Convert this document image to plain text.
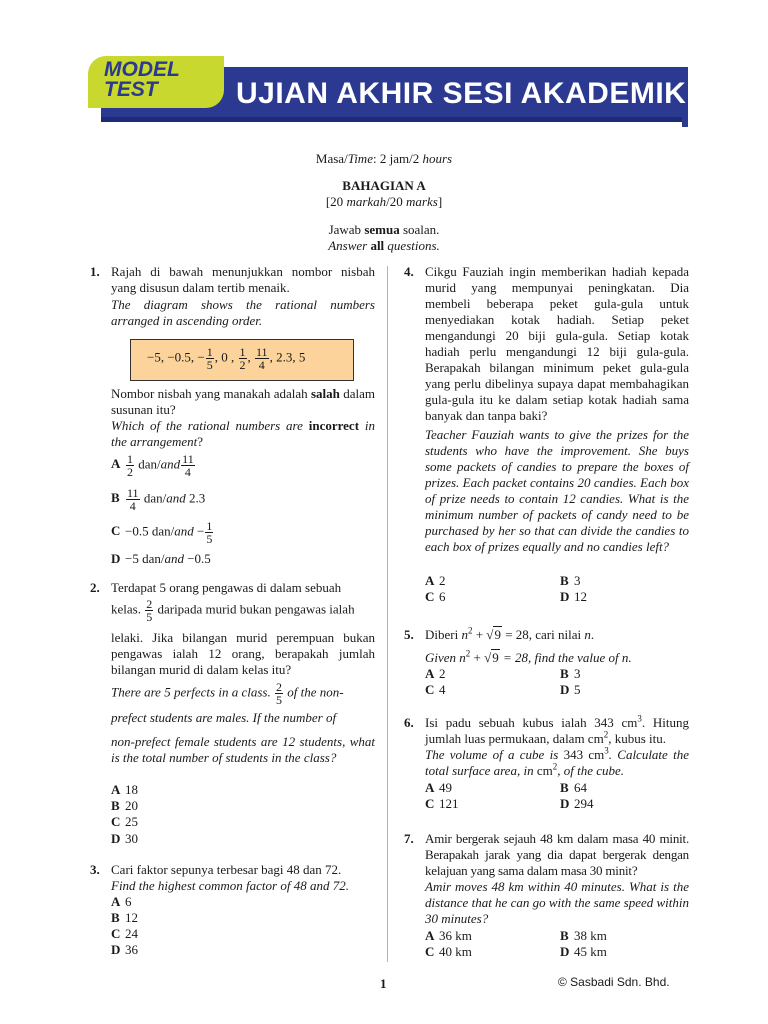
MODEL
TEST	UJIAN AKHIR SESI AKADEMIK
Masa/Time: 2 jam/2 hours
BAHAGIAN A
[20 markah/20 marks]
Jawab semua soalan.
Answer all questions.
1. Rajah di bawah menunjukkan nombor nisbah yang disusun dalam tertib menaik.
The diagram shows the rational numbers arranged in ascending order.
Nombor nisbah yang manakah adalah salah dalam susunan itu?
Which of the rational numbers are incorrect in the arrangement?
A $\frac{1}{2} dan/and \frac{11}{4}$
B $\frac{11}{4} dan/and$ 2.3
C −0.5 $dan/and - \frac{1}{5}$
D −5 dan/and −0.5
−5, −0.5, − $\frac{1}{5}$ , 0 , $\frac{1}{2}$ , $\frac{11}{4}$ , 2.3, 5
2. Terdapat 5 orang pengawas di dalam sebuah
kelas. $\frac{2}{5}$ daripada murid bukan pengawas ialah
lelaki. Jika bilangan murid perempuan bukan pengawas ialah 12 orang, berapakah jumlah bilangan murid di dalam kelas itu?
There are 5 perfects in a class. $\frac{2}{5}$ of the non-
prefect students are males. If the number of
non-prefect female students are 12 students, what is the total number of students in the class?
A 18
B 20
C 25
D 30
3. Cari faktor sepunya terbesar bagi 48 dan 72.
Find the highest common factor of 48 and 72.
A 6
B 12
C 24
D 36
4. Cikgu Fauziah ingin memberikan hadiah kepada murid yang mempunyai peningkatan. Dia membeli beberapa peket gula-gula untuk menyediakan kotak hadiah. Setiap peket mengandungi 20 biji gula-gula. Setiap kotak hadiah perlu mengandungi 12 biji gula-gula. Berapakah bilangan minimum peket gula-gula yang perlu dibelinya supaya dapat membahagikan gula-gula itu ke dalam setiap kotak hadiah sama banyak dan tanpa baki?
Teacher Fauziah wants to give the prizes for the students who have the improvement. She buys some packets of candies to prepare the boxes of prizes. Each packet contains 20 candies. Each box of prize needs to contain 12 candies. What is the minimum number of packets of candy need to be purchased by her so that can divide the candies to each box of prizes equally and no candies left?
A 2	B 3
C 6	D 12
5. Diberi $n^2 + √9 = 28$, cari nilai n.
Given $n^2 + √9 = 28$, find the value of n.
A 2	B 3
C 4	D 5
6. Isi padu sebuah kubus ialah 343 $cm^3$. Hitung jumlah luas permukaan, dalam $cm^2$, kubus itu.
The volume of a cube is 343 $cm^3$. Calculate the total surface area, in $cm^2$, of the cube.
A 49	B 64
C 121	D 294
7. Amir bergerak sejauh 48 km dalam masa 40 minit. Berapakah jarak yang dia dapat bergerak dengan kelajuan yang sama dalam masa 30 minit?
Amir moves 48 km within 40 minutes. What is the distance that he can go with the same speed within 30 minutes?
A 36 km	B 38 km
C 40 km	D 45 km
1	© Sasbadi Sdn. Bhd.
